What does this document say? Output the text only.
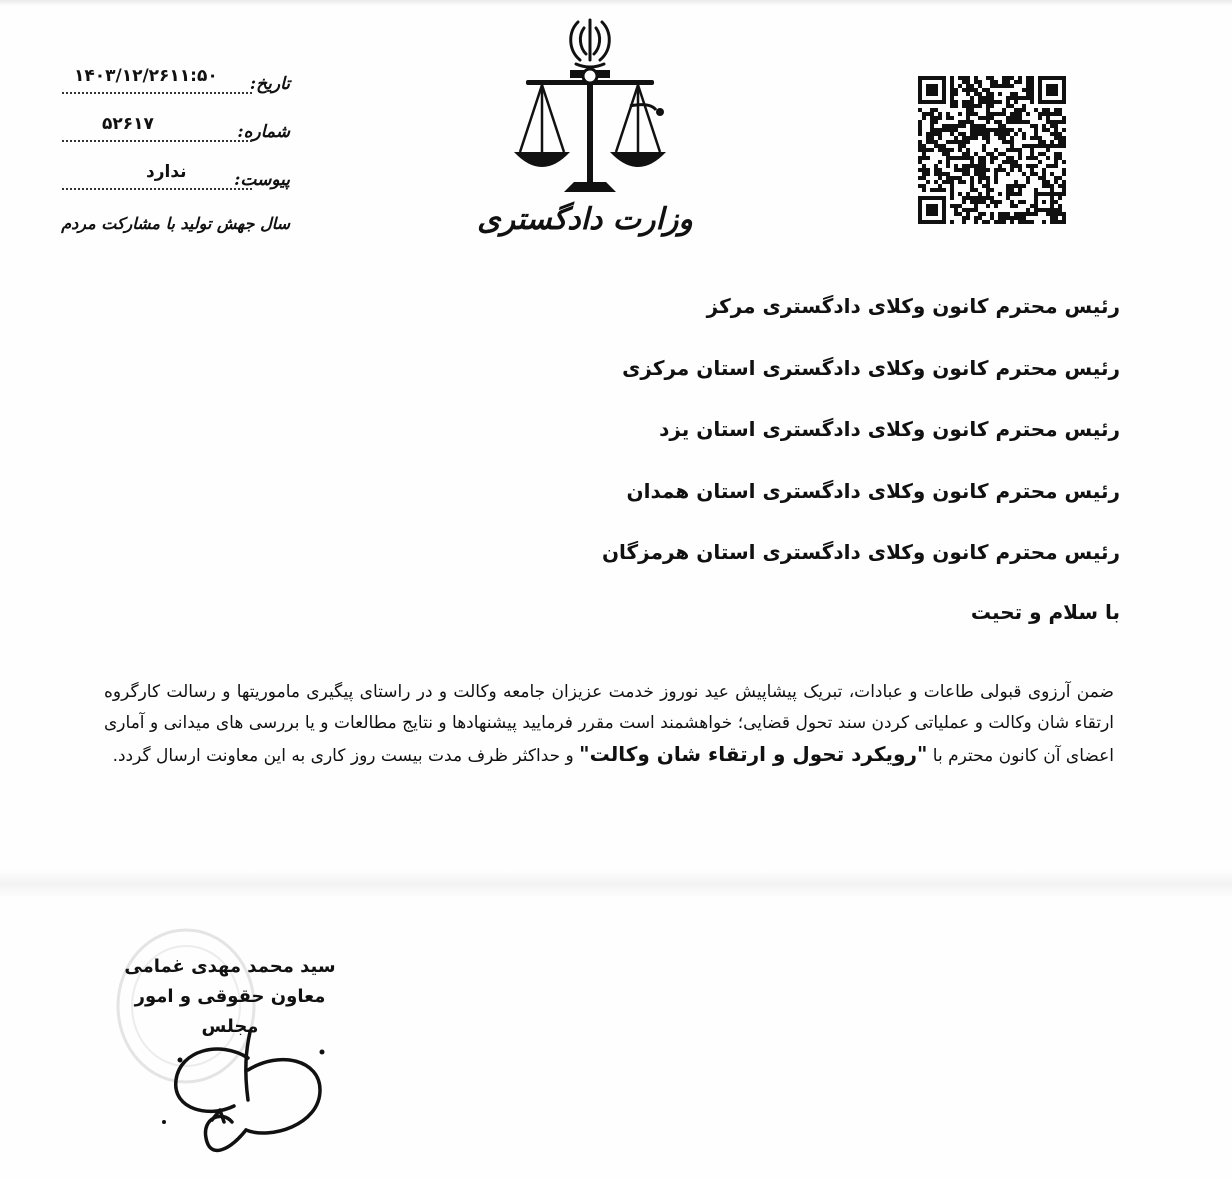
تاریخ:
۱۴۰۳/۱۲/۲۶۱۱:۵۰
شماره:
۵۲۶۱۷
پیوست:
ندارد
سال جهش تولید با مشارکت مردم	وزارت دادگستری
رئیس محترم کانون وکلای دادگستری مرکز
رئیس محترم کانون وکلای دادگستری استان مرکزی
رئیس محترم کانون وکلای دادگستری استان یزد
رئیس محترم کانون وکلای دادگستری استان همدان
رئیس محترم کانون وکلای دادگستری استان هرمزگان
با سلام و تحیت

ضمن آرزوی قبولی طاعات و عبادات، تبریک پیشاپیش عید نوروز خدمت عزیزان جامعه وکالت و در راستای پیگیری ماموریتها و رسالت کارگروه ارتقاء شان وکالت و عملیاتی کردن سند تحول قضایی؛ خواهشمند است مقرر فرمایید پیشنهادها و نتایج مطالعات و یا بررسی های میدانی و آماری اعضای آن کانون محترم با "رویکرد تحول و ارتقاء شان وکالت" و حداکثر ظرف مدت بیست روز کاری به این معاونت ارسال گردد.

سید محمد مهدی غمامی
معاون حقوقی و امور
مجلس
